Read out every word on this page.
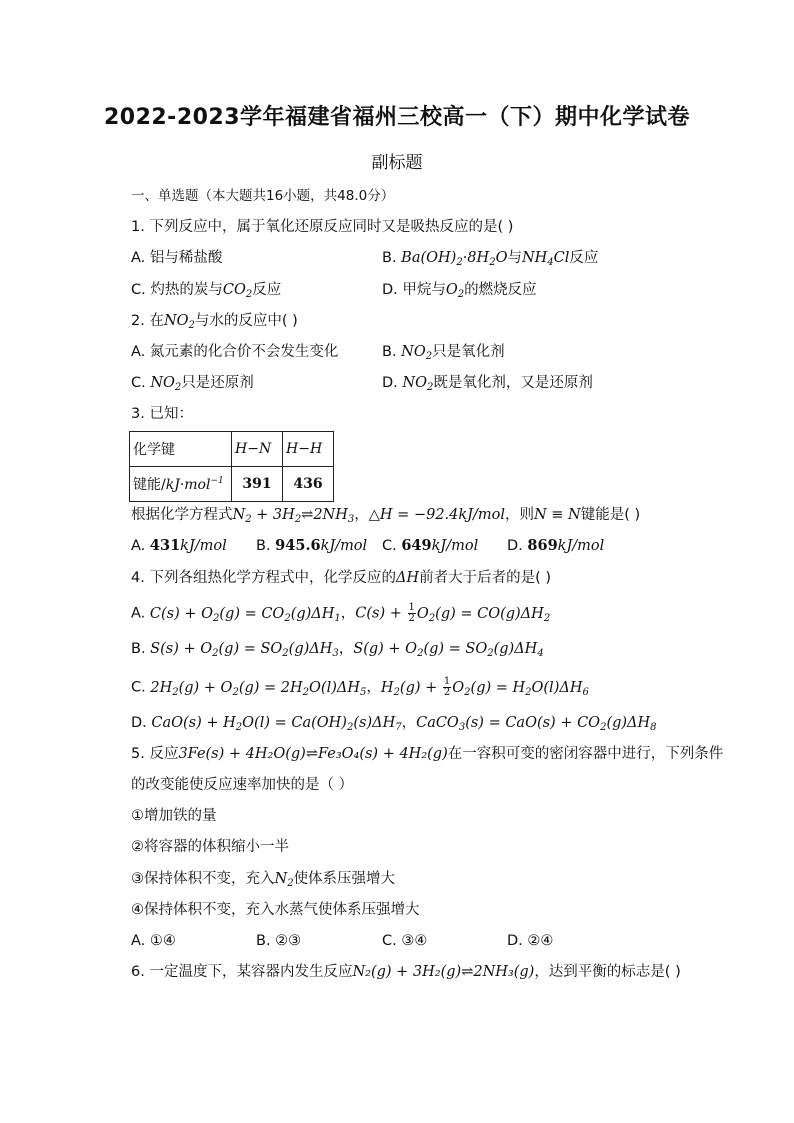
2022-2023学年福建省福州三校高一（下）期中化学试卷
副标题
一、单选题（本大题共16小题，共48.0分）
1. 下列反应中，属于氧化还原反应同时又是吸热反应的是( )
A. 铝与稀盐酸	B. $Ba(OH)_2\cdot 8H_2O$与$NH_4Cl$反应
C. 灼热的炭与$CO_2$反应	D. 甲烷与$O_2$的燃烧反应
2. 在$NO_2$与水的反应中( )
A. 氮元素的化合价不会发生变化	B. $NO_2$只是氧化剂
C. $NO_2$只是还原剂	D. $NO_2$既是氧化剂，又是还原剂
3. 已知：
化学键	H−N	H−H
键能/kJ·mol$^{-1}$	391	436
根据化学方程式$N_2$ + $3H_2\rightleftharpoons 2NH_3$，△H = −92.4kJ/mol，则N ≡ N键能是( )
A. 431kJ/mol B. 945.6kJ/mol C. 649kJ/mol D. 869kJ/mol
4. 下列各组热化学方程式中，化学反应的ΔH前者大于后者的是( )
A. $C(s) + O_2(g) = CO_2(g)\Delta H_1$，$C(s) + \frac{1}{2} O_2(g) = CO(g)\Delta H_2$
B. $S(s) + O_2(g) = SO_2(g)\Delta H_3$，$S(g) + O_2(g) = SO_2(g)\Delta H_4$
C. $2H_2(g) + O_2(g) = 2H_2O(l)\Delta H_5$，$H_2(g) + \frac{1}{2} O_2(g) = H_2O(l)\Delta H_6$
D. $CaO(s) + H_2O(l) = Ca(OH)_2(s)\Delta H_7$，CaCO$_3$(s) = $CaO(s) + CO_2(g)\Delta H_8$
5. 反应3Fe(s) + 4H₂O(g)⇌Fe₃O₄(s) + 4H₂(g)在一容积可变的密闭容器中进行，下列条件
的改变能使反应速率加快的是（ ）
①增加铁的量
②将容器的体积缩小一半
③保持体积不变，充入$N_2$使体系压强增大
④保持体积不变，充入水蒸气使体系压强增大
A. ①④	B. ②③	C. ③④	D. ②④
6. 一定温度下，某容器内发生反应N₂(g) + 3H₂(g)⇌2NH₃(g)，达到平衡的标志是( )
